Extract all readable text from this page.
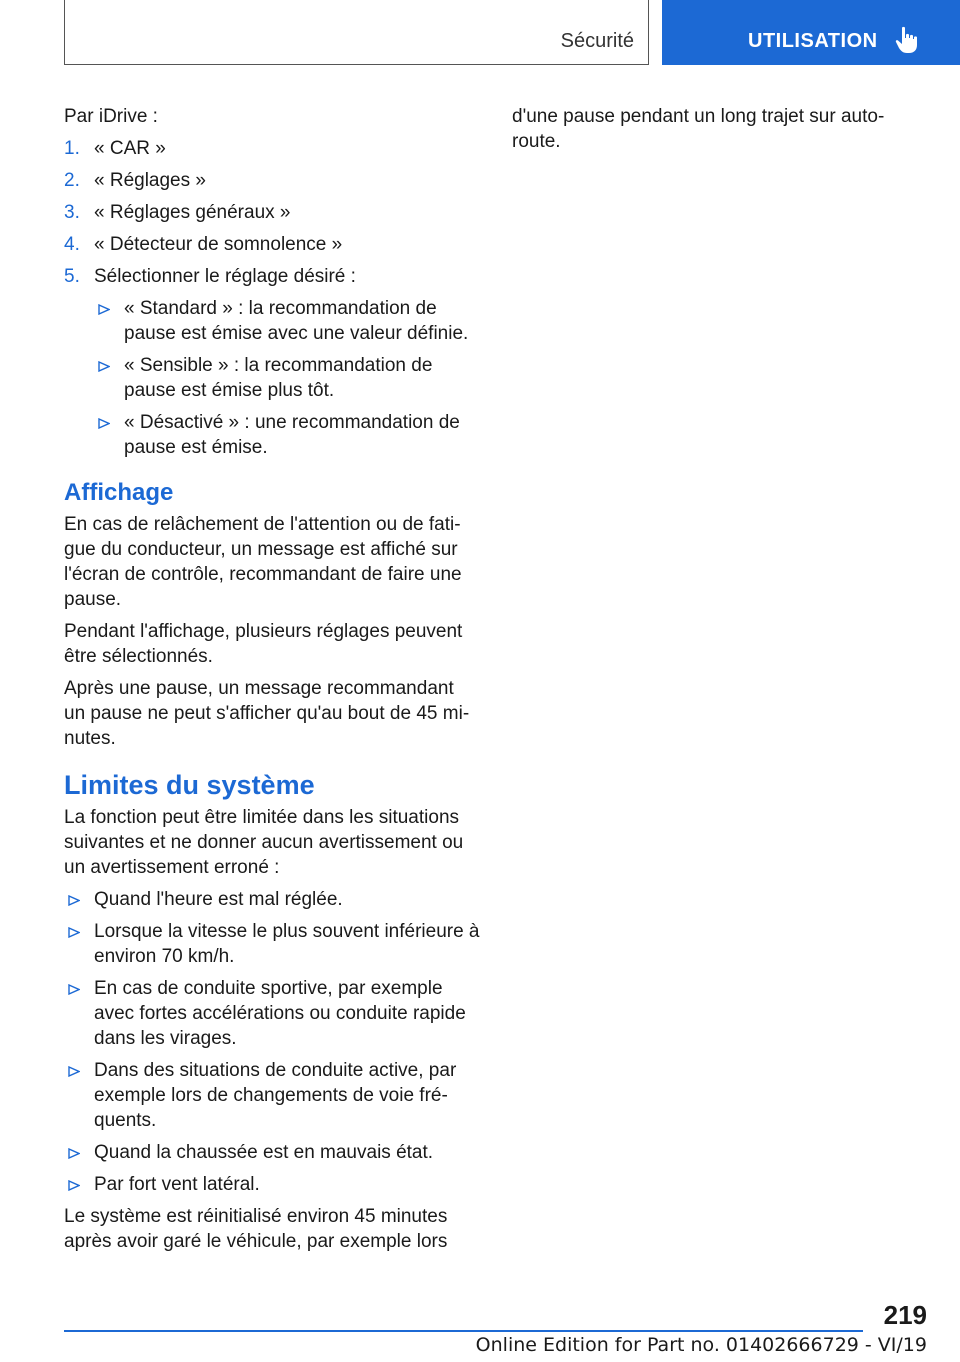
Sécurité	UTILISATION
Par iDrive :
1. « CAR »
2. « Réglages »
3. « Réglages généraux »
4. « Détecteur de somnolence »
5. Sélectionner le réglage désiré :
« Standard » : la recommandation de pause est émise avec une valeur définie.
« Sensible » : la recommandation de pause est émise plus tôt.
« Désactivé » : une recommandation de pause est émise.
Affichage
En cas de relâchement de l'attention ou de fatigue du conducteur, un message est affiché sur l'écran de contrôle, recommandant de faire une pause.
Pendant l'affichage, plusieurs réglages peuvent être sélectionnés.
Après une pause, un message recommandant un pause ne peut s'afficher qu'au bout de 45 minutes.
Limites du système
La fonction peut être limitée dans les situations suivantes et ne donner aucun avertissement ou un avertissement erroné :
Quand l'heure est mal réglée.
Lorsque la vitesse le plus souvent inférieure à environ 70 km/h.
En cas de conduite sportive, par exemple avec fortes accélérations ou conduite rapide dans les virages.
Dans des situations de conduite active, par exemple lors de changements de voie fréquents.
Quand la chaussée est en mauvais état.
Par fort vent latéral.
Le système est réinitialisé environ 45 minutes après avoir garé le véhicule, par exemple lors
d'une pause pendant un long trajet sur autoroute.
219
Online Edition for Part no. 01402666729 - VI/19
